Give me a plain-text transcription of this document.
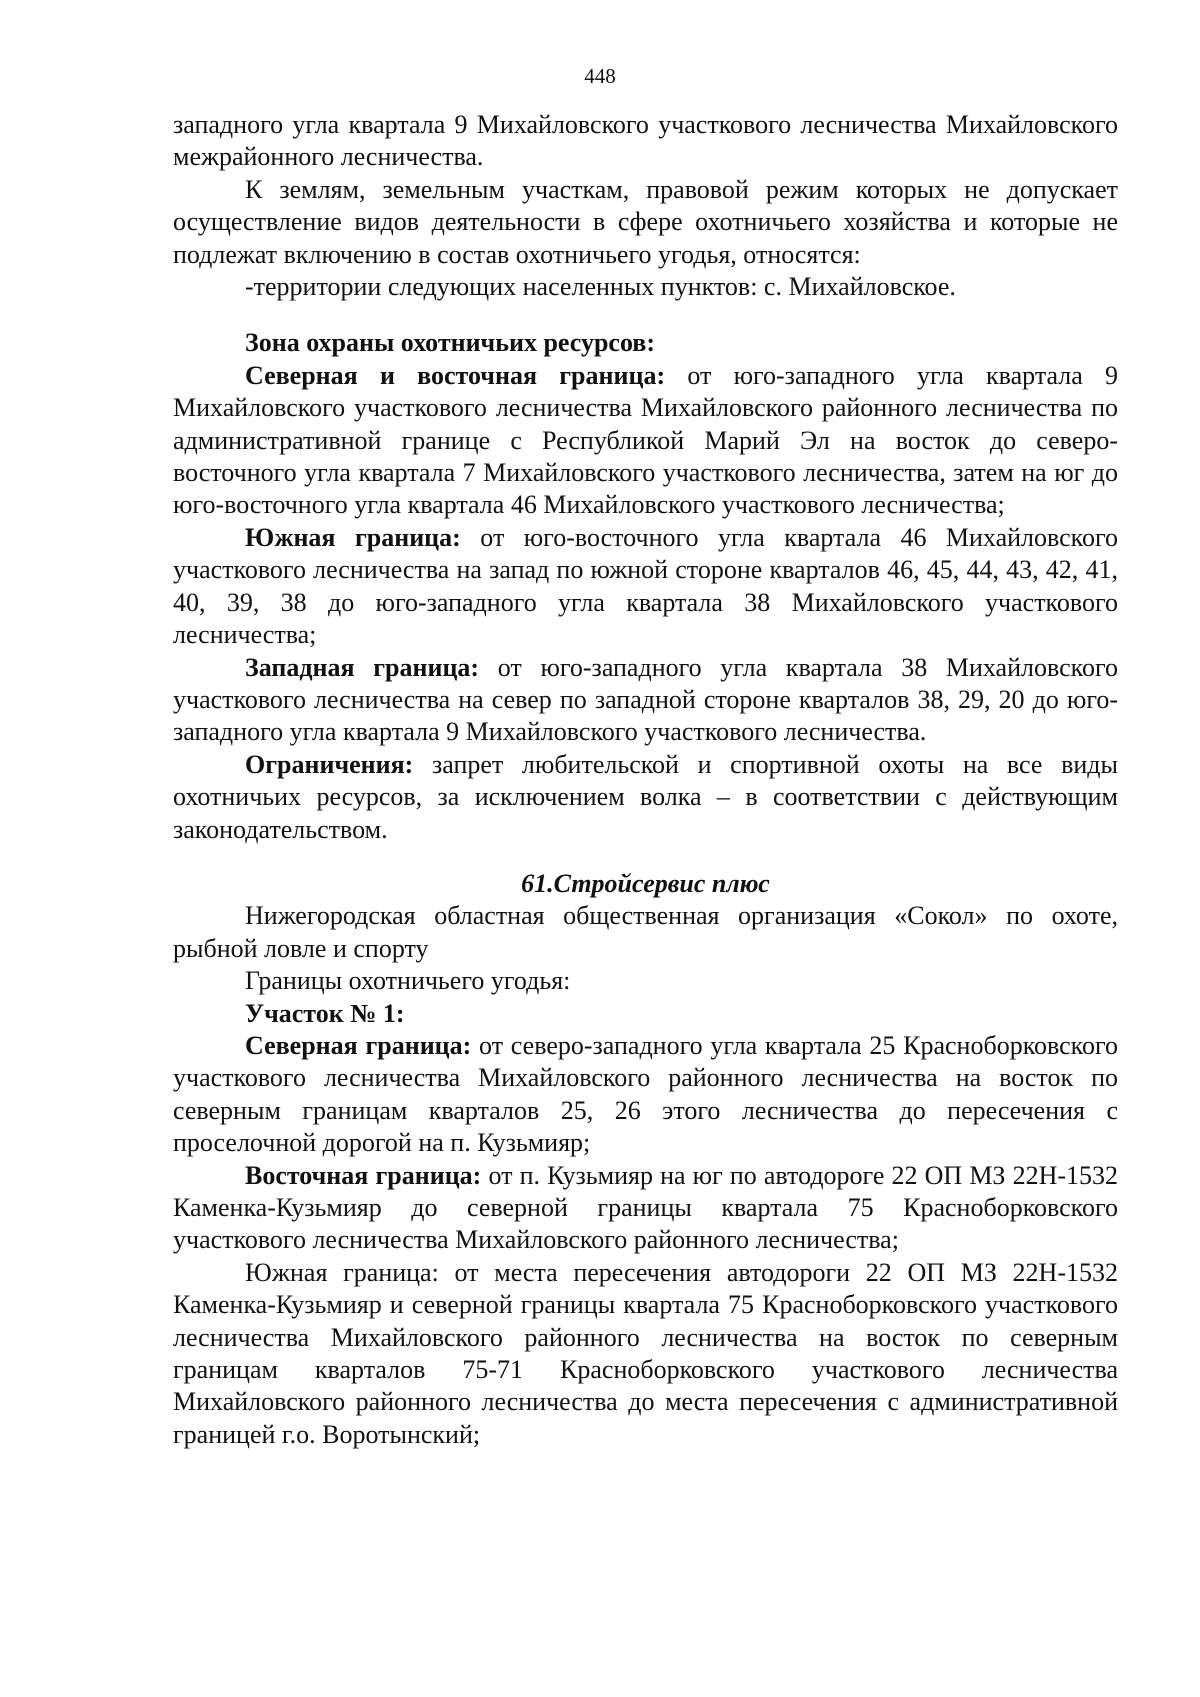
448

западного угла квартала 9 Михайловского участкового лесничества Михайловского межрайонного лесничества.

К землям, земельным участкам, правовой режим которых не допускает осуществление видов деятельности в сфере охотничьего хозяйства и которые не подлежат включению в состав охотничьего угодья, относятся:

-территории следующих населенных пунктов: с. Михайловское.

Зона охраны охотничьих ресурсов:

Северная и восточная граница: от юго-западного угла квартала 9 Михайловского участкового лесничества Михайловского районного лесничества по административной границе с Республикой Марий Эл на восток до северо-восточного угла квартала 7 Михайловского участкового лесничества, затем на юг до юго-восточного угла квартала 46 Михайловского участкового лесничества;

Южная граница: от юго-восточного угла квартала 46 Михайловского участкового лесничества на запад по южной стороне кварталов 46, 45, 44, 43, 42, 41, 40, 39, 38 до юго-западного угла квартала 38 Михайловского участкового лесничества;

Западная граница: от юго-западного угла квартала 38 Михайловского участкового лесничества на север по западной стороне кварталов 38, 29, 20 до юго-западного угла квартала 9 Михайловского участкового лесничества.

Ограничения: запрет любительской и спортивной охоты на все виды охотничьих ресурсов, за исключением волка – в соответствии с действующим законодательством.

61.Стройсервис плюс

Нижегородская областная общественная организация «Сокол» по охоте, рыбной ловле и спорту

Границы охотничьего угодья:

Участок № 1:

Северная граница: от северо-западного угла квартала 25 Красноборковского участкового лесничества Михайловского районного лесничества на восток по северным границам кварталов 25, 26 этого лесничества до пересечения с проселочной дорогой на п. Кузьмияр;

Восточная граница: от п. Кузьмияр на юг по автодороге 22 ОП МЗ 22Н-1532 Каменка-Кузьмияр до северной границы квартала 75 Красноборковского участкового лесничества Михайловского районного лесничества;

Южная граница: от места пересечения автодороги 22 ОП МЗ 22Н-1532 Каменка-Кузьмияр и северной границы квартала 75 Красноборковского участкового лесничества Михайловского районного лесничества на восток по северным границам кварталов 75-71 Красноборковского участкового лесничества Михайловского районного лесничества до места пересечения с административной границей г.о. Воротынский;
